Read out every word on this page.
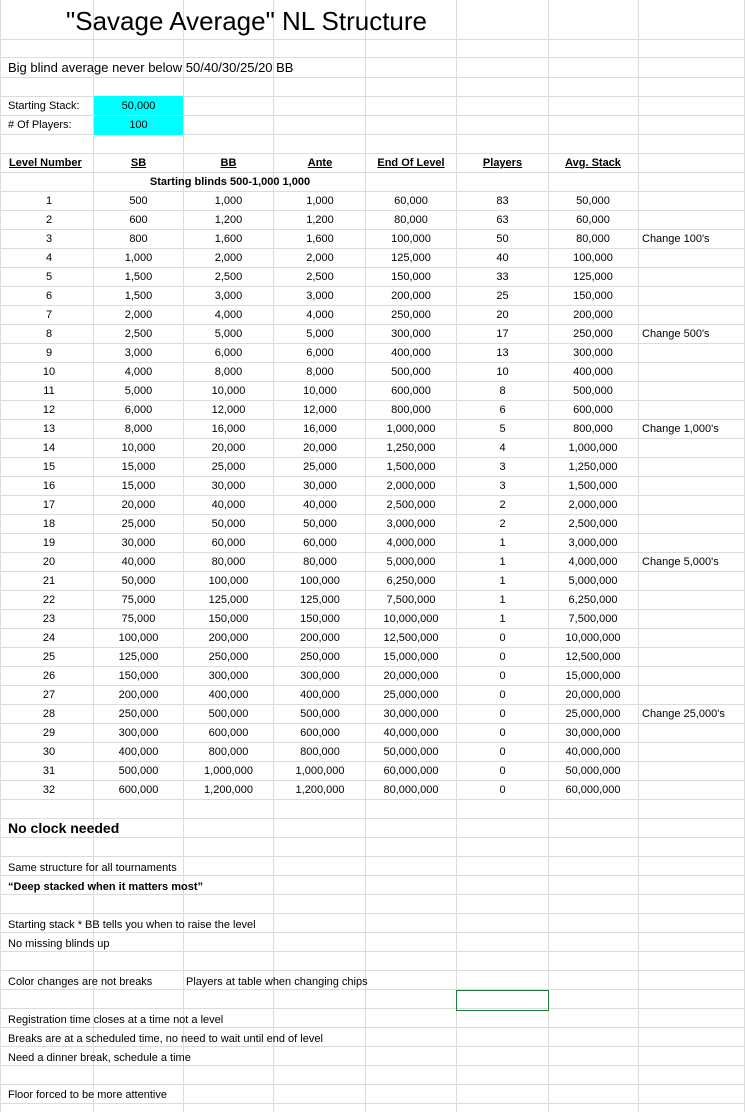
"Savage Average" NL Structure
Big blind average never below 50/40/30/25/20 BB
Starting Stack:	50,000
# Of Players:	100
Level Number	SB	BB	Ante	End Of Level	Players	Avg. Stack
Starting blinds 500-1,000 1,000
1	500	1,000	1,000	60,000	83	50,000
2	600	1,200	1,200	80,000	63	60,000
3	800	1,600	1,600	100,000	50	80,000	Change 100's
4	1,000	2,000	2,000	125,000	40	100,000
5	1,500	2,500	2,500	150,000	33	125,000
6	1,500	3,000	3,000	200,000	25	150,000
7	2,000	4,000	4,000	250,000	20	200,000
8	2,500	5,000	5,000	300,000	17	250,000	Change 500's
9	3,000	6,000	6,000	400,000	13	300,000
10	4,000	8,000	8,000	500,000	10	400,000
11	5,000	10,000	10,000	600,000	8	500,000
12	6,000	12,000	12,000	800,000	6	600,000
13	8,000	16,000	16,000	1,000,000	5	800,000	Change 1,000's
14	10,000	20,000	20,000	1,250,000	4	1,000,000
15	15,000	25,000	25,000	1,500,000	3	1,250,000
16	15,000	30,000	30,000	2,000,000	3	1,500,000
17	20,000	40,000	40,000	2,500,000	2	2,000,000
18	25,000	50,000	50,000	3,000,000	2	2,500,000
19	30,000	60,000	60,000	4,000,000	1	3,000,000
20	40,000	80,000	80,000	5,000,000	1	4,000,000	Change 5,000's
21	50,000	100,000	100,000	6,250,000	1	5,000,000
22	75,000	125,000	125,000	7,500,000	1	6,250,000
23	75,000	150,000	150,000	10,000,000	1	7,500,000
24	100,000	200,000	200,000	12,500,000	0	10,000,000
25	125,000	250,000	250,000	15,000,000	0	12,500,000
26	150,000	300,000	300,000	20,000,000	0	15,000,000
27	200,000	400,000	400,000	25,000,000	0	20,000,000
28	250,000	500,000	500,000	30,000,000	0	25,000,000	Change 25,000's
29	300,000	600,000	600,000	40,000,000	0	30,000,000
30	400,000	800,000	800,000	50,000,000	0	40,000,000
31	500,000	1,000,000	1,000,000	60,000,000	0	50,000,000
32	600,000	1,200,000	1,200,000	80,000,000	0	60,000,000
No clock needed
Same structure for all tournaments
“Deep stacked when it matters most”
Starting stack * BB tells you when to raise the level
No missing blinds up
Color changes are not breaks	Players at table when changing chips
Registration time closes at a time not a level
Breaks are at a scheduled time, no need to wait until end of level
Need a dinner break, schedule a time
Floor forced to be more attentive
